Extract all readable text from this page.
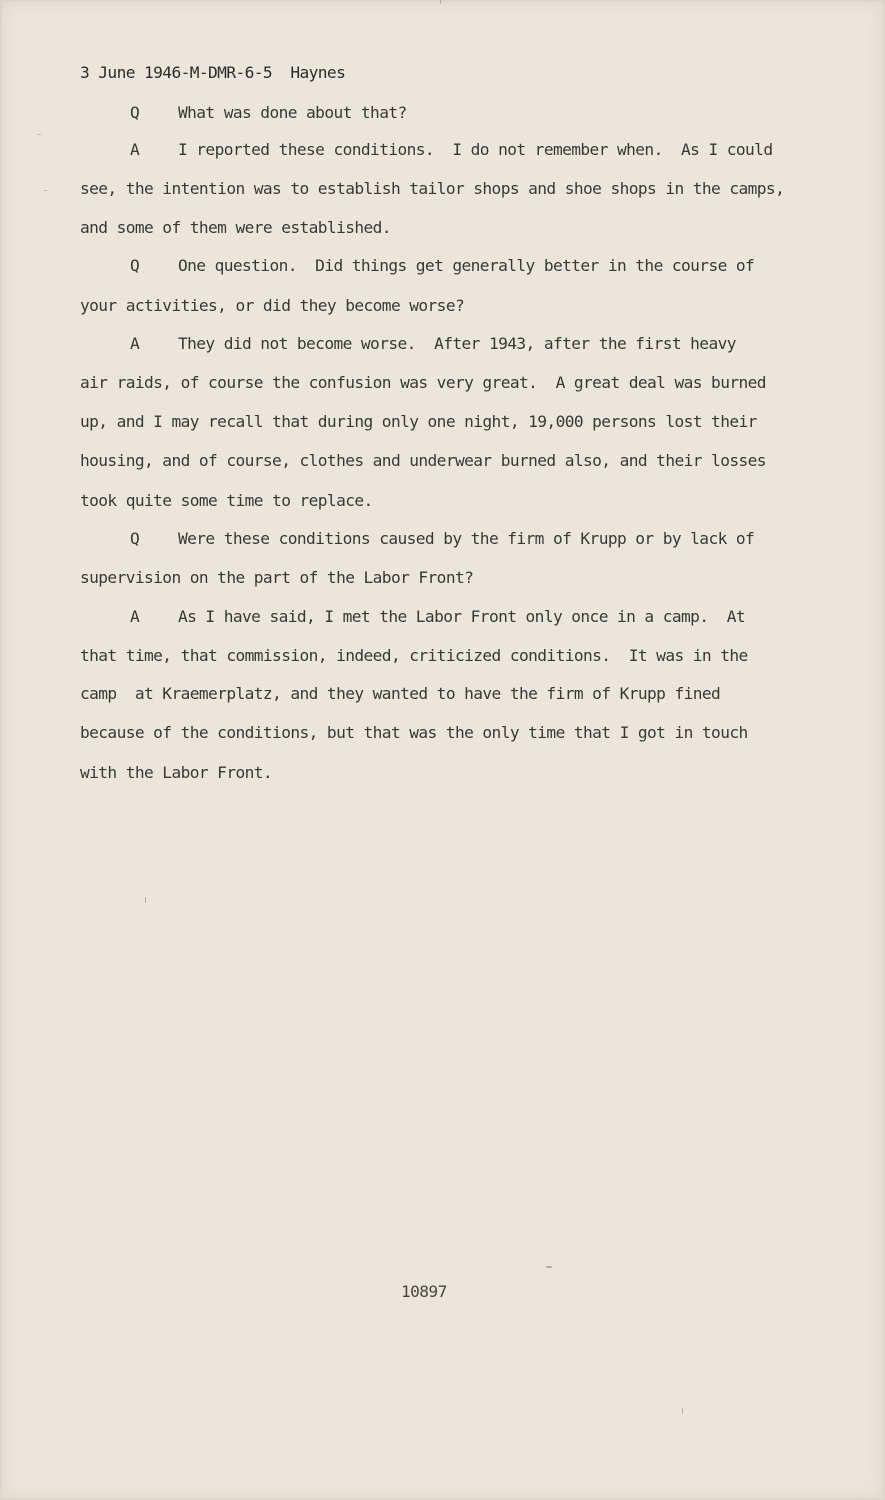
3 June 1946-M-DMR-6-5  Haynes
Q What was done about that?
A I reported these conditions.  I do not remember when.  As I could
see, the intention was to establish tailor shops and shoe shops in the camps,
and some of them were established.
Q One question.  Did things get generally better in the course of
your activities, or did they become worse?
A They did not become worse.  After 1943, after the first heavy
air raids, of course the confusion was very great.  A great deal was burned
up, and I may recall that during only one night, 19,000 persons lost their
housing, and of course, clothes and underwear burned also, and their losses
took quite some time to replace.
Q Were these conditions caused by the firm of Krupp or by lack of
supervision on the part of the Labor Front?
A As I have said, I met the Labor Front only once in a camp.  At
that time, that commission, indeed, criticized conditions.  It was in the
camp  at Kraemerplatz, and they wanted to have the firm of Krupp fined
because of the conditions, but that was the only time that I got in touch
with the Labor Front.
10897
